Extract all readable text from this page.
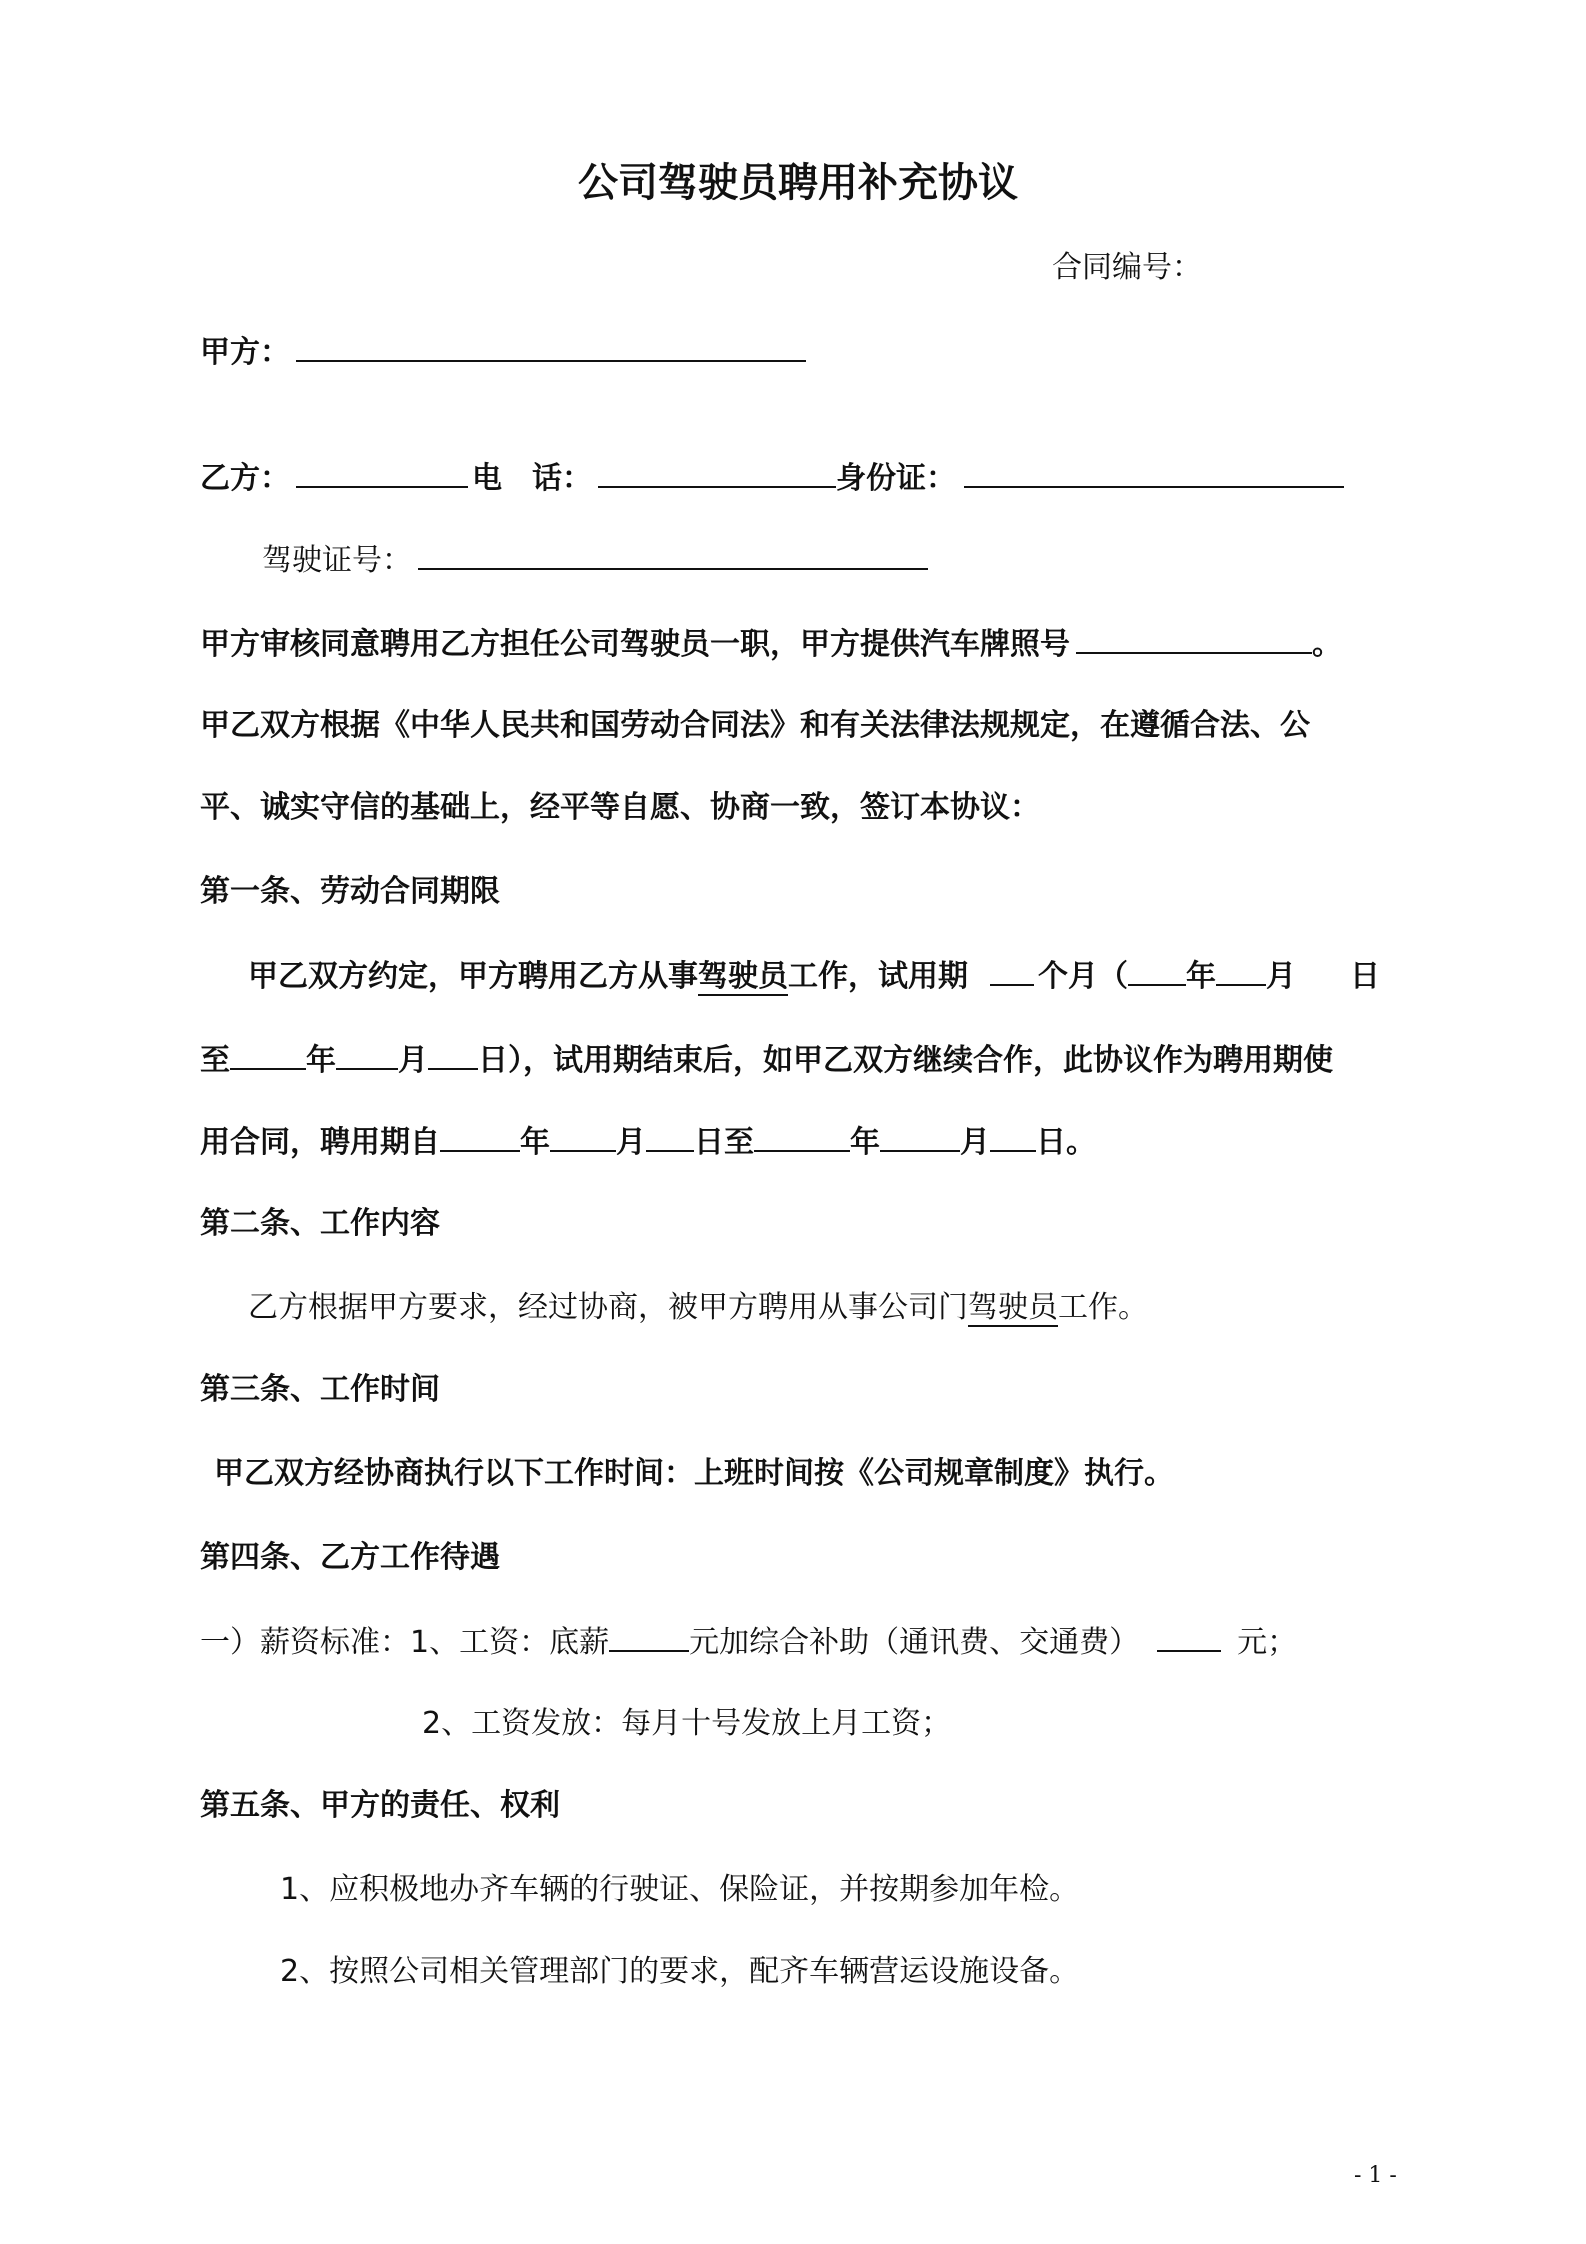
公司驾驶员聘用补充协议
合同编号：
甲方：
乙方：	电　话：	身份证：
驾驶证号：
甲方审核同意聘用乙方担任公司驾驶员一职，甲方提供汽车牌照号	。
甲乙双方根据《中华人民共和国劳动合同法》和有关法律法规规定，在遵循合法、公
平、诚实守信的基础上，经平等自愿、协商一致，签订本协议：
第一条、劳动合同期限
甲乙双方约定，甲方聘用乙方从事驾驶员工作，试用期 个月（ 年 月 日
至	年 月 日），试用期结束后，如甲乙双方继续合作，此协议作为聘用期使
用合同，聘用期自	年 月 日至	年	月 日。
第二条、工作内容
乙方根据甲方要求，经过协商，被甲方聘用从事公司门驾驶员工作。
第三条、工作时间
甲乙双方经协商执行以下工作时间：上班时间按《公司规章制度》执行。
第四条、乙方工作待遇
一）薪资标准：1、工资：底薪	元加综合补助（通讯费、交通费）	元；
2、工资发放：每月十号发放上月工资；
第五条、甲方的责任、权利
1、应积极地办齐车辆的行驶证、保险证，并按期参加年检。
2、按照公司相关管理部门的要求，配齐车辆营运设施设备。
- 1 -
